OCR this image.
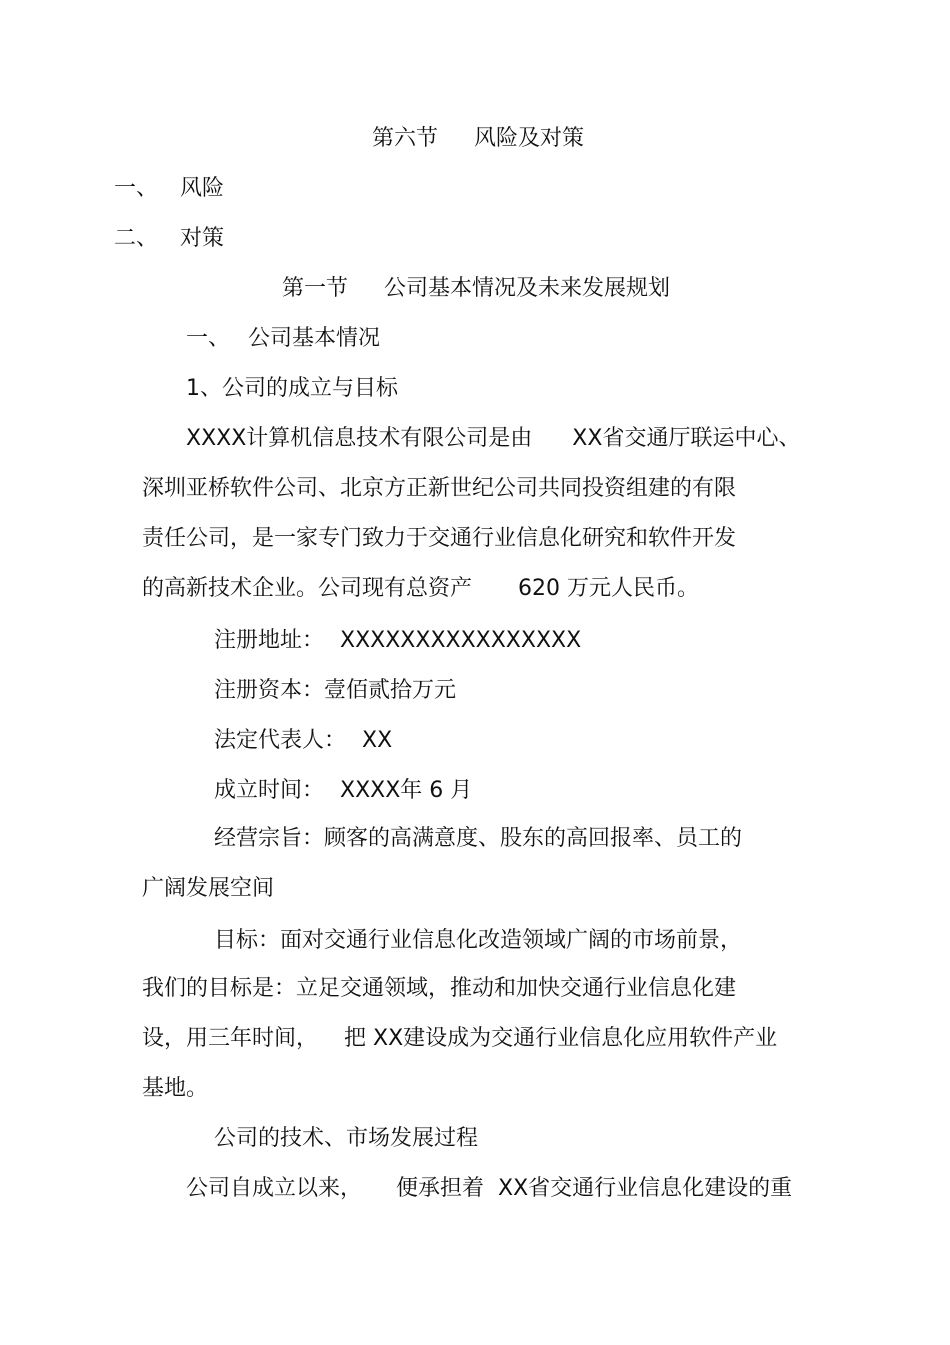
第六节 风险及对策
一、 风险
二、 对策
第一节 公司基本情况及未来发展规划
一、 公司基本情况
1、公司的成立与目标
XXXX计算机信息技术有限公司是由 XX省交通厅联运中心、
深圳亚桥软件公司、北京方正新世纪公司共同投资组建的有限
责任公司，是一家专门致力于交通行业信息化研究和软件开发
的高新技术企业。公司现有总资产 620 万元人民币。
注册地址： XXXXXXXXXXXXXXXX
注册资本：壹佰贰拾万元
法定代表人： XX
成立时间： XXXX年 6 月
经营宗旨：顾客的高满意度、股东的高回报率、员工的
广阔发展空间
目标：面对交通行业信息化改造领域广阔的市场前景，
我们的目标是：立足交通领域，推动和加快交通行业信息化建
设，用三年时间， 把 XX建设成为交通行业信息化应用软件产业
基地。
公司的技术、市场发展过程
公司自成立以来， 便承担着 XX省交通行业信息化建设的重
